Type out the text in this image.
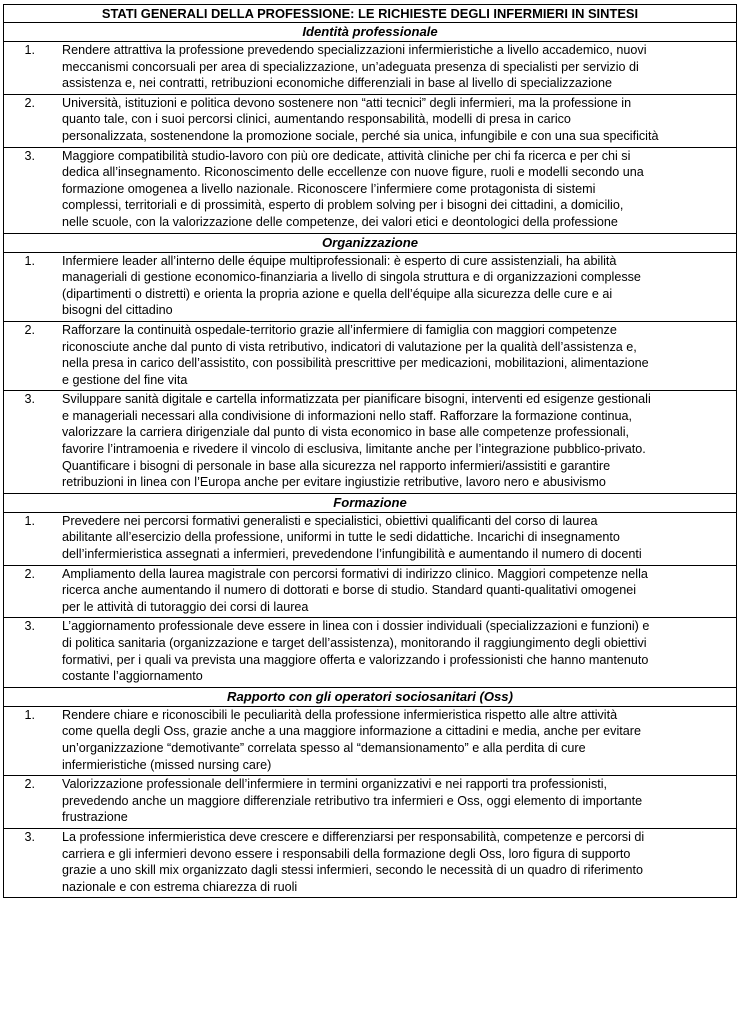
STATI GENERALI DELLA PROFESSIONE: LE RICHIESTE DEGLI INFERMIERI IN SINTESI
Identità professionale

1.	Rendere attrattiva la professione prevedendo specializzazioni infermieristiche a livello accademico, nuovi
meccanismi concorsuali per area di specializzazione, un’adeguata presenza di specialisti per servizio di
assistenza e, nei contratti, retribuzioni economiche differenziali in base al livello di specializzazione

2.	Università, istituzioni e politica devono sostenere non “atti tecnici” degli infermieri, ma la professione in
quanto tale, con i suoi percorsi clinici, aumentando responsabilità, modelli di presa in carico
personalizzata, sostenendone la promozione sociale, perché sia unica, infungibile e con una sua specificità

3.	Maggiore compatibilità studio-lavoro con più ore dedicate, attività cliniche per chi fa ricerca e per chi si
dedica all’insegnamento. Riconoscimento delle eccellenze con nuove figure, ruoli e modelli secondo una
formazione omogenea a livello nazionale. Riconoscere l’infermiere come protagonista di sistemi
complessi, territoriali e di prossimità, esperto di problem solving per i bisogni dei cittadini, a domicilio,
nelle scuole, con la valorizzazione delle competenze, dei valori etici e deontologici della professione

Organizzazione

1.	Infermiere leader all’interno delle équipe multiprofessionali: è esperto di cure assistenziali, ha abilità
manageriali di gestione economico-finanziaria a livello di singola struttura e di organizzazioni complesse
(dipartimenti o distretti) e orienta la propria azione e quella dell’équipe alla sicurezza delle cure e ai
bisogni del cittadino

2.	Rafforzare la continuità ospedale-territorio grazie all’infermiere di famiglia con maggiori competenze
riconosciute anche dal punto di vista retributivo, indicatori di valutazione per la qualità dell’assistenza e,
nella presa in carico dell’assistito, con possibilità prescrittive per medicazioni, mobilitazioni, alimentazione
e gestione del fine vita

3.	Sviluppare sanità digitale e cartella informatizzata per pianificare bisogni, interventi ed esigenze gestionali
e manageriali necessari alla condivisione di informazioni nello staff. Rafforzare la formazione continua,
valorizzare la carriera dirigenziale dal punto di vista economico in base alle competenze professionali,
favorire l’intramoenia e rivedere il vincolo di esclusiva, limitante anche per l’integrazione pubblico-privato.
Quantificare i bisogni di personale in base alla sicurezza nel rapporto infermieri/assistiti e garantire
retribuzioni in linea con l’Europa anche per evitare ingiustizie retributive, lavoro nero e abusivismo

Formazione

1.	Prevedere nei percorsi formativi generalisti e specialistici, obiettivi qualificanti del corso di laurea
abilitante all’esercizio della professione, uniformi in tutte le sedi didattiche. Incarichi di insegnamento
dell’infermieristica assegnati a infermieri, prevedendone l’infungibilità e aumentando il numero di docenti

2.	Ampliamento della laurea magistrale con percorsi formativi di indirizzo clinico. Maggiori competenze nella
ricerca anche aumentando il numero di dottorati e borse di studio. Standard quanti-qualitativi omogenei
per le attività di tutoraggio dei corsi di laurea

3.	L’aggiornamento professionale deve essere in linea con i dossier individuali (specializzazioni e funzioni) e
di politica sanitaria (organizzazione e target dell’assistenza), monitorando il raggiungimento degli obiettivi
formativi, per i quali va prevista una maggiore offerta e valorizzando i professionisti che hanno mantenuto
costante l’aggiornamento

Rapporto con gli operatori sociosanitari (Oss)

1.	Rendere chiare e riconoscibili le peculiarità della professione infermieristica rispetto alle altre attività
come quella degli Oss, grazie anche a una maggiore informazione a cittadini e media, anche per evitare
un’organizzazione “demotivante” correlata spesso al “demansionamento” e alla perdita di cure
infermieristiche (missed nursing care)

2.	Valorizzazione professionale dell’infermiere in termini organizzativi e nei rapporti tra professionisti,
prevedendo anche un maggiore differenziale retributivo tra infermieri e Oss, oggi elemento di importante
frustrazione

3.	La professione infermieristica deve crescere e differenziarsi per responsabilità, competenze e percorsi di
carriera e gli infermieri devono essere i responsabili della formazione degli Oss, loro figura di supporto
grazie a uno skill mix organizzato dagli stessi infermieri, secondo le necessità di un quadro di riferimento
nazionale e con estrema chiarezza di ruoli
